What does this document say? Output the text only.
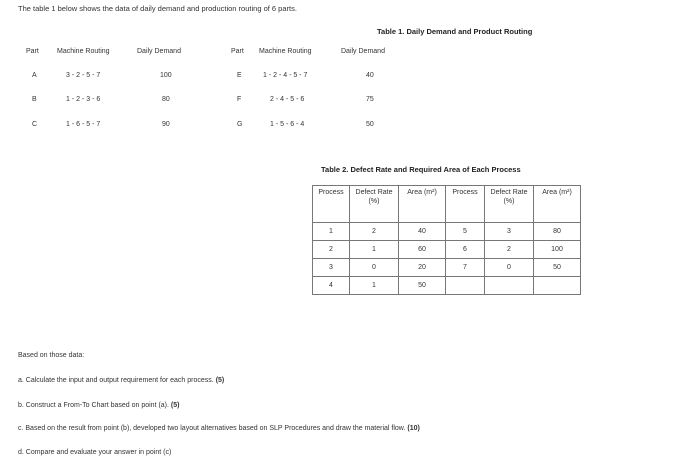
The table 1 below shows the data of daily demand and production routing of 6 parts.
Table 1. Daily Demand and Product Routing
Part	Machine Routing	Daily Demand	Part Machine Routing	Daily Demand
A	3 - 2 - 5 - 7	100
B	1 - 2 - 3 - 6	80
C	1 - 6 - 5 - 7	90
E	1 - 2 - 4 - 5 - 7	40
F	2 - 4 - 5 - 6	75
G	1 - 5 - 6 - 4	50
Table 2. Defect Rate and Required Area of Each Process
Process	Defect Rate (%)	Area (m²)	Process	Defect Rate (%)	Area (m²)
1	2	40	5	3	80
2	1	60	6	2	100
3	0	20	7	0	50
4	1	50			
Based on those data:
a. Calculate the input and output requirement for each process. (5)
b. Construct a From-To Chart based on point (a). (5)
c. Based on the result from point (b), developed two layout alternatives based on SLP Procedures and draw the material flow. (10)
d. Compare and evaluate your answer in point (c)
